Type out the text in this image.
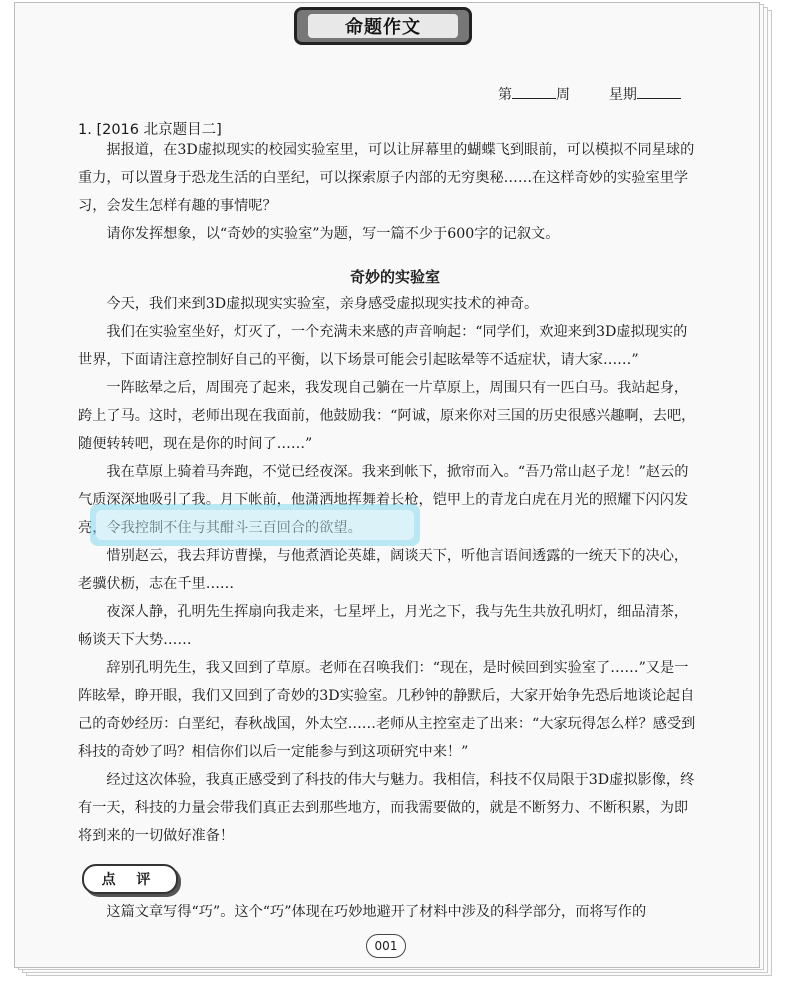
命题作文
第	周	星期
1. [2016 北京题目二]

据报道，在3D虚拟现实的校园实验室里，可以让屏幕里的蝴蝶飞到眼前，可以模拟不同星球的重力，可以置身于恐龙生活的白垩纪，可以探索原子内部的无穷奥秘……在这样奇妙的实验室里学习，会发生怎样有趣的事情呢？

请你发挥想象，以“奇妙的实验室”为题，写一篇不少于600字的记叙文。

奇妙的实验室

今天，我们来到3D虚拟现实实验室，亲身感受虚拟现实技术的神奇。

我们在实验室坐好，灯灭了，一个充满未来感的声音响起：“同学们，欢迎来到3D虚拟现实的世界，下面请注意控制好自己的平衡，以下场景可能会引起眩晕等不适症状，请大家……”

一阵眩晕之后，周围亮了起来，我发现自己躺在一片草原上，周围只有一匹白马。我站起身，跨上了马。这时，老师出现在我面前，他鼓励我：“阿诚，原来你对三国的历史很感兴趣啊，去吧，随便转转吧，现在是你的时间了……”

我在草原上骑着马奔跑，不觉已经夜深。我来到帐下，掀帘而入。“吾乃常山赵子龙！”赵云的气质深深地吸引了我。月下帐前，他潇洒地挥舞着长枪，铠甲上的青龙白虎在月光的照耀下闪闪发亮，令我控制不住与其酣斗三百回合的欲望。

惜别赵云，我去拜访曹操，与他煮酒论英雄，阔谈天下，听他言语间透露的一统天下的决心，老骥伏枥，志在千里……

夜深人静，孔明先生挥扇向我走来，七星坪上，月光之下，我与先生共放孔明灯，细品清茶，畅谈天下大势……

辞别孔明先生，我又回到了草原。老师在召唤我们：“现在，是时候回到实验室了……”又是一阵眩晕，睁开眼，我们又回到了奇妙的3D实验室。几秒钟的静默后，大家开始争先恐后地谈论起自己的奇妙经历：白垩纪，春秋战国，外太空……老师从主控室走了出来：“大家玩得怎么样？感受到科技的奇妙了吗？相信你们以后一定能参与到这项研究中来！”

经过这次体验，我真正感受到了科技的伟大与魅力。我相信，科技不仅局限于3D虚拟影像，终有一天，科技的力量会带我们真正去到那些地方，而我需要做的，就是不断努力、不断积累，为即将到来的一切做好准备！

点 评

这篇文章写得“巧”。这个“巧”体现在巧妙地避开了材料中涉及的科学部分，而将写作的

001
